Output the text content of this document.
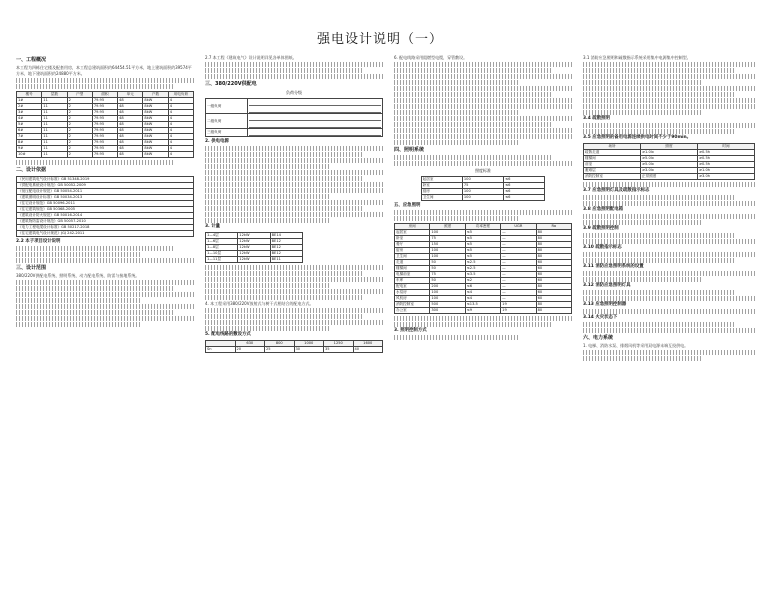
强电设计说明（一）
一、工程概况

本工程为四栋住宅楼及配套用房，本工程总建筑面积约64454.51平方米，地上建筑面积约39574平方米，地下建筑面积约24880平方米。

楼号	层数	户型	面积	单元	户数	用电负荷
1#	11	2	79.95	48	8kW	4
2#	11	2	79.95	48	8kW	4
3#	11	2	79.95	48	8kW	4
4#	11	2	79.95	48	8kW	4
5#	11	2	79.95	48	8kW	4
6#	11	2	79.95	48	8kW	4
7#	11	2	79.95	48	8kW	4
8#	11	2	79.95	48	8kW	4
9#	11	2	79.95	48	8kW	4
10#	11	2	79.95	48	8kW	4
二、设计依据
《民用建筑电气设计标准》GB 51348-2019
《供配电系统设计规范》GB 50052-2009
《低压配电设计规范》GB 50054-2011
《建筑照明设计标准》GB 50034-2013
《住宅设计规范》GB 50096-2011
《住宅建筑规范》GB 50368-2005
《建筑设计防火规范》GB 50016-2014
《建筑物防雷设计规范》GB 50057-2010
《电力工程电缆设计标准》GB 50217-2018
《住宅建筑电气设计规范》JGJ 242-2011
2.2 本子项目设计说明
三、设计范围

380/220V供配电系统、照明系统、动力配电系统、防雷与接地系统。

2.7 本工程《建筑电气》设计说明详见各单体图纸。

三、380/220V供配电
负荷分级
一级负荷	

二级负荷	

三级负荷	
2. 供电电源
3. 计量
1—4层	12kW	BE14
1—6层	12kW	BE12
1—8层	12kW	BE12
1—10层	12kW	BE12
1—11层	12kW	BE11

4. 本工程采用380/220V放射式与树干式相结合的配电方式。

5. 配电线路的敷设方式
	630	800	1000	1250	1600
Sn	20	25	30	35	40

6. 配电线路采用阻燃型电缆，穿管敷设。

四、照明系统
照度标准
起居室	100	≤6
卧室	75	≤6
厨房	100	≤6
卫生间	100	≤6
五、应急照明
房间	照度	功率密度	UGR	Ra
起居室	100	≤5	—	80
卧室	75	≤5	—	80
餐厅	150	≤5	—	80
厨房	100	≤5	—	80
卫生间	100	≤5	—	80
走道	50	≤2.5	—	60
楼梯间	50	≤2.5	—	60
电梯前室	75	≤3.5	—	60
车库	50	≤2	—	60
配电室	200	≤6	—	80
水泵房	100	≤4	—	60
风机房	100	≤4	—	60
消防控制室	500	≤13.5	19	80
办公室	300	≤9	19	80
3. 照明控制方式

3.1 消防应急照明和疏散指示系统采用集中电源集中控制型。

3.4 疏散照明
3.5 应急照明的备用电源连续供电时间不少于90min。
场所	照度	时间
疏散走道	≥1.0lx	≥0.5h
楼梯间	≥5.0lx	≥0.5h
前室	≥5.0lx	≥0.5h
避难层	≥3.0lx	≥1.0h
消防控制室	正常照度	≥3.0h
3.7 应急照明灯具及疏散指示标志
3.8 应急照明配电箱
3.9 疏散照明控制
3.10 疏散指示标志
3.11 消防应急照明系统的设置
3.12 消防应急照明灯具
3.13 应急照明控制器
3.14 火灾状态下
六、电力系统

1. 电梯、消防水泵、排烟风机等采用双电源末端互投供电。
